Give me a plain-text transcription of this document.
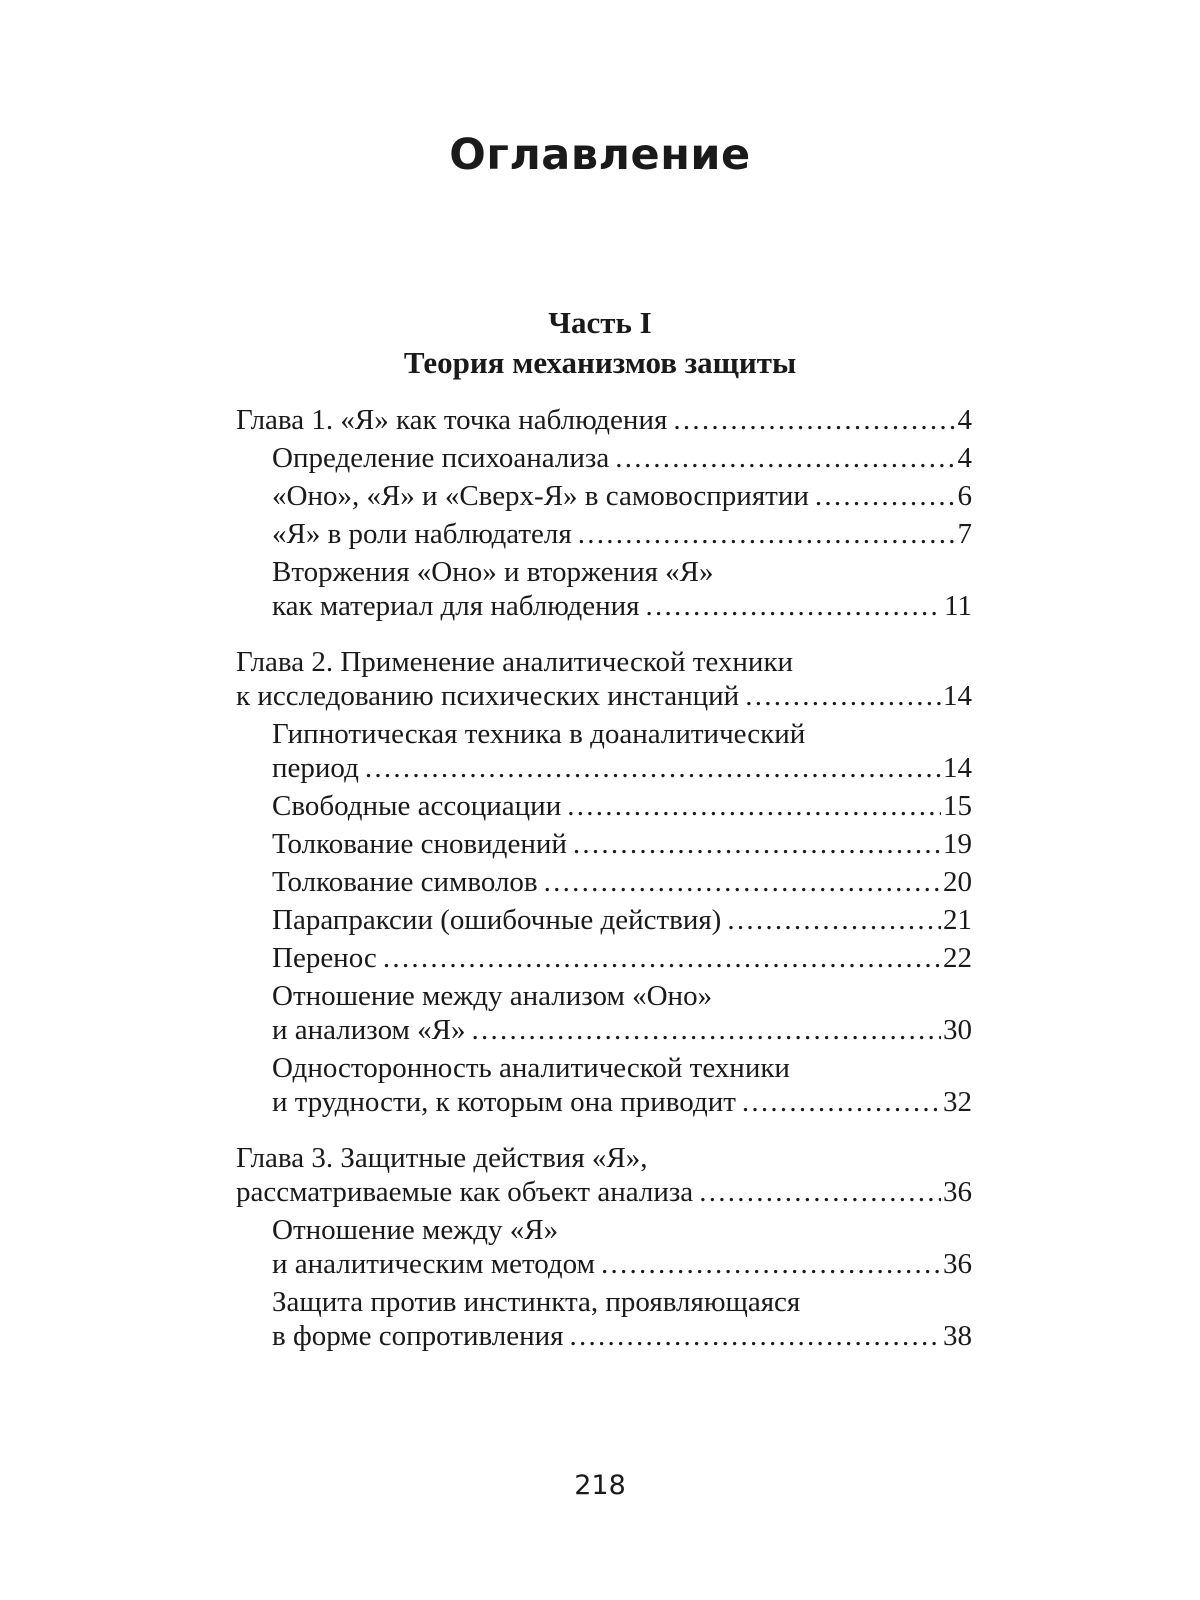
Оглавление
Часть I
Теория механизмов защиты
Глава 1. «Я» как точка наблюдения . . .	4
Определение психоанализа . . .	4
«Оно», «Я» и «Сверх-Я» в самовосприятии . . .	6
«Я» в роли наблюдателя . . .	7
Вторжения «Оно» и вторжения «Я»
как материал для наблюдения . . .	11
Глава 2. Применение аналитической техники
к исследованию психических инстанций . . .	14
Гипнотическая техника в доаналитический
период . . .	14
Свободные ассоциации . . .	15
Толкование сновидений . . .	19
Толкование символов . . .	20
Парапраксии (ошибочные действия) . . .	21
Перенос . . .	22
Отношение между анализом «Оно»
и анализом «Я» . . .	30
Односторонность аналитической техники
и трудности, к которым она приводит . . .	32
Глава 3. Защитные действия «Я»,
рассматриваемые как объект анализа . . .	36
Отношение между «Я»
и аналитическим методом . . .	36
Защита против инстинкта, проявляющаяся
в форме сопротивления . . .	38
218
